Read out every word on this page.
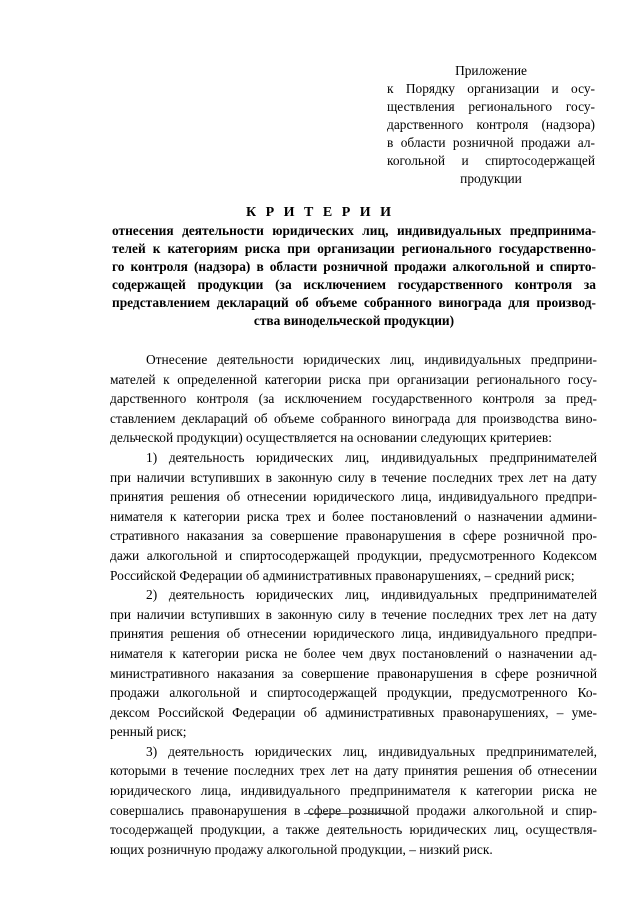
Приложение
к Порядку организации и осу-
ществления регионального госу-
дарственного контроля (надзора)
в области розничной продажи ал-
когольной и спиртосодержащей
продукции
К Р И Т Е Р И И
отнесения деятельности юридических лиц, индивидуальных предпринима-
телей к категориям риска при организации регионального государственно-
го контроля (надзора) в области розничной продажи алкогольной и спирто-
содержащей продукции (за исключением государственного контроля за
представлением деклараций об объеме собранного винограда для производ-
ства винодельческой продукции)
Отнесение деятельности юридических лиц, индивидуальных предприни-
мателей к определенной категории риска при организации регионального госу-
дарственного контроля (за исключением государственного контроля за пред-
ставлением деклараций об объеме собранного винограда для производства вино-
дельческой продукции) осуществляется на основании следующих критериев:
1) деятельность юридических лиц, индивидуальных предпринимателей
при наличии вступивших в законную силу в течение последних трех лет на дату
принятия решения об отнесении юридического лица, индивидуального предпри-
нимателя к категории риска трех и более постановлений о назначении админи-
стративного наказания за совершение правонарушения в сфере розничной про-
дажи алкогольной и спиртосодержащей продукции, предусмотренного Кодексом
Российской Федерации об административных правонарушениях, – средний риск;
2) деятельность юридических лиц, индивидуальных предпринимателей
при наличии вступивших в законную силу в течение последних трех лет на дату
принятия решения об отнесении юридического лица, индивидуального предпри-
нимателя к категории риска не более чем двух постановлений о назначении ад-
министративного наказания за совершение правонарушения в сфере розничной
продажи алкогольной и спиртосодержащей продукции, предусмотренного Ко-
дексом Российской Федерации об административных правонарушениях, – уме-
ренный риск;
3) деятельность юридических лиц, индивидуальных предпринимателей,
которыми в течение последних трех лет на дату принятия решения об отнесении
юридического лица, индивидуального предпринимателя к категории риска не
совершались правонарушения в сфере розничной продажи алкогольной и спир-
тосодержащей продукции, а также деятельность юридических лиц, осуществля-
ющих розничную продажу алкогольной продукции, – низкий риск.
